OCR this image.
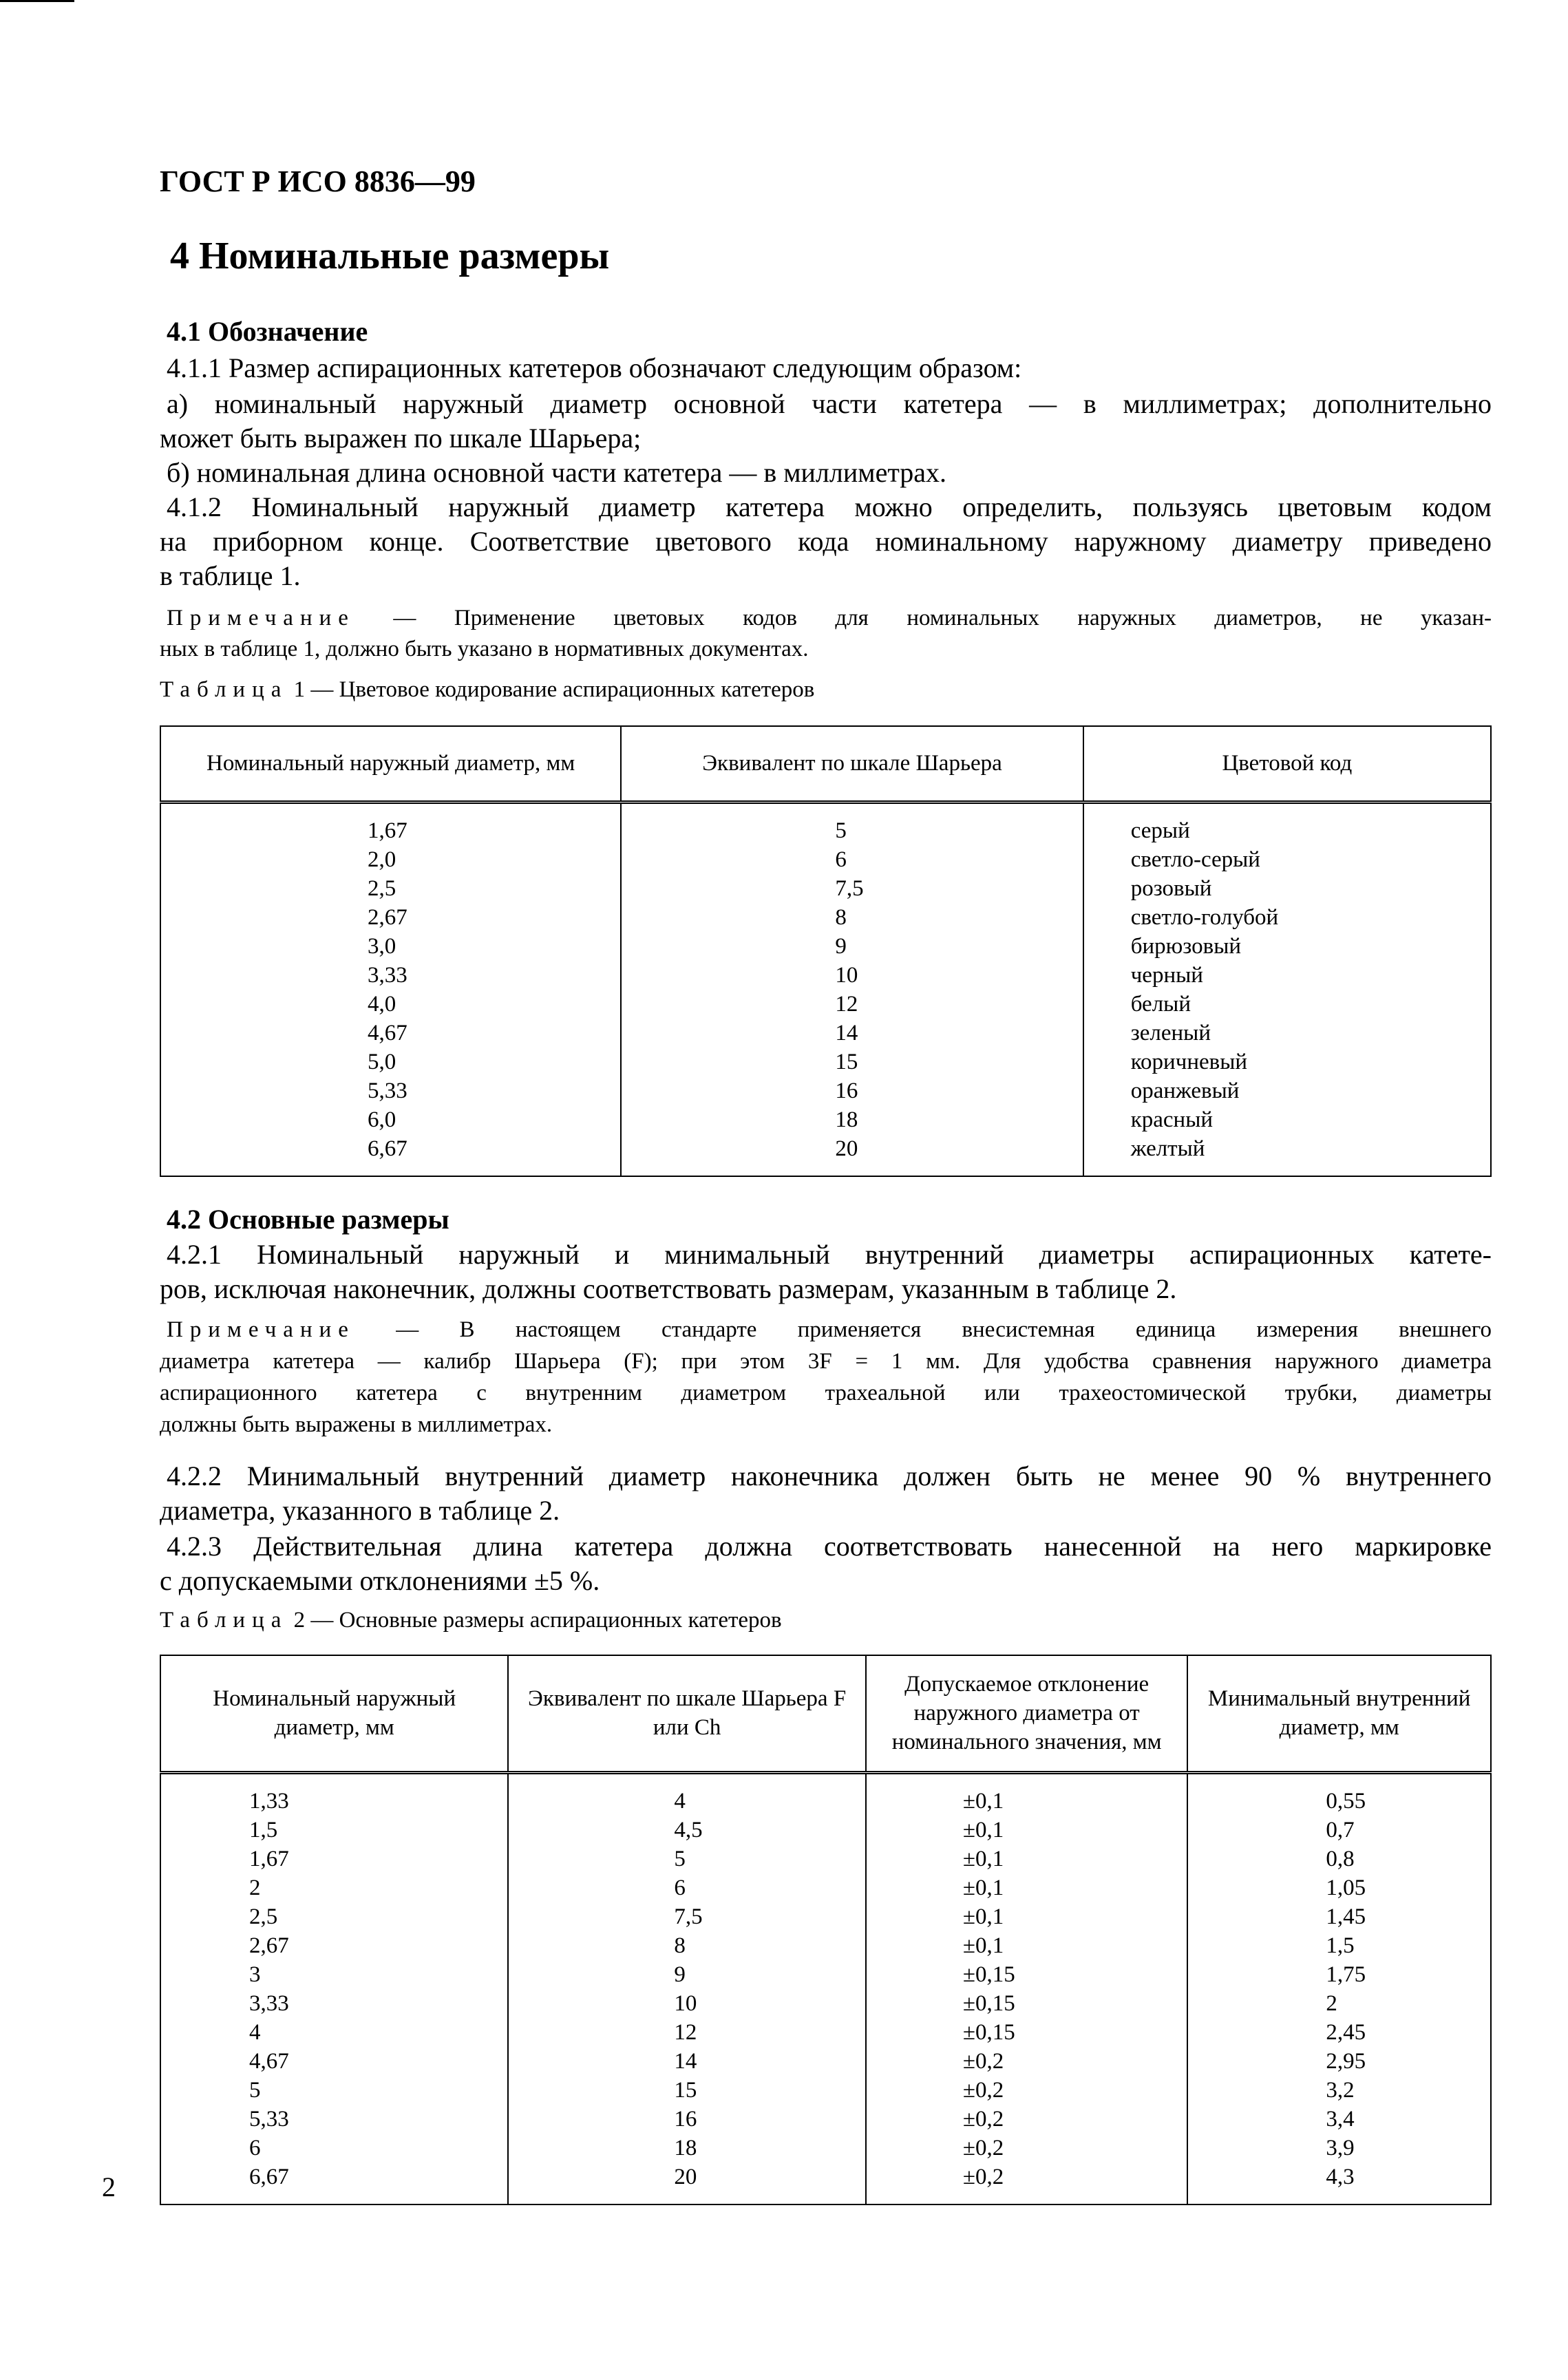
ГОСТ Р ИСО 8836—99
4 Номинальные размеры
4.1 Обозначение
4.1.1 Размер аспирационных катетеров обозначают следующим образом:
а) номинальный наружный диаметр основной части катетера — в миллиметрах; дополнительно
может быть выражен по шкале Шарьера;
б) номинальная длина основной части катетера — в миллиметрах.
4.1.2 Номинальный наружный диаметр катетера можно определить, пользуясь цветовым кодом
на приборном конце. Соответствие цветового кода номинальному наружному диаметру приведено
в таблице 1.
Примечание — Применение цветовых кодов для номинальных наружных диаметров, не указан-
ных в таблице 1, должно быть указано в нормативных документах.
Таблица 1 — Цветовое кодирование аспирационных катетеров
Номинальный наружный диаметр, мм	Эквивалент по шкале Шарьера	Цветовой код
1,67	5	серый
2,0	6	светло-серый
2,5	7,5	розовый
2,67	8	светло-голубой
3,0	9	бирюзовый
3,33	10	черный
4,0	12	белый
4,67	14	зеленый
5,0	15	коричневый
5,33	16	оранжевый
6,0	18	красный
6,67	20	желтый
4.2 Основные размеры
4.2.1 Номинальный наружный и минимальный внутренний диаметры аспирационных катете-
ров, исключая наконечник, должны соответствовать размерам, указанным в таблице 2.
Примечание — В настоящем стандарте применяется внесистемная единица измерения внешнего
диаметра катетера — калибр Шарьера (F); при этом 3F = 1 мм. Для удобства сравнения наружного диаметра
аспирационного катетера с внутренним диаметром трахеальной или трахеостомической трубки, диаметры
должны быть выражены в миллиметрах.
4.2.2 Минимальный внутренний диаметр наконечника должен быть не менее 90 % внутреннего
диаметра, указанного в таблице 2.
4.2.3 Действительная длина катетера должна соответствовать нанесенной на него маркировке
с допускаемыми отклонениями ±5 %.
Таблица 2 — Основные размеры аспирационных катетеров
Номинальный наружный диаметр, мм	Эквивалент по шкале Шарьера F или Ch	Допускаемое отклонение наружного диаметра от номинального значения, мм	Минимальный внутренний диаметр, мм
1,33	4	±0,1	0,55
1,5	4,5	±0,1	0,7
1,67	5	±0,1	0,8
2	6	±0,1	1,05
2,5	7,5	±0,1	1,45
2,67	8	±0,1	1,5
3	9	±0,15	1,75
3,33	10	±0,15	2
4	12	±0,15	2,45
4,67	14	±0,2	2,95
5	15	±0,2	3,2
5,33	16	±0,2	3,4
6	18	±0,2	3,9
6,67	20	±0,2	4,3
2
